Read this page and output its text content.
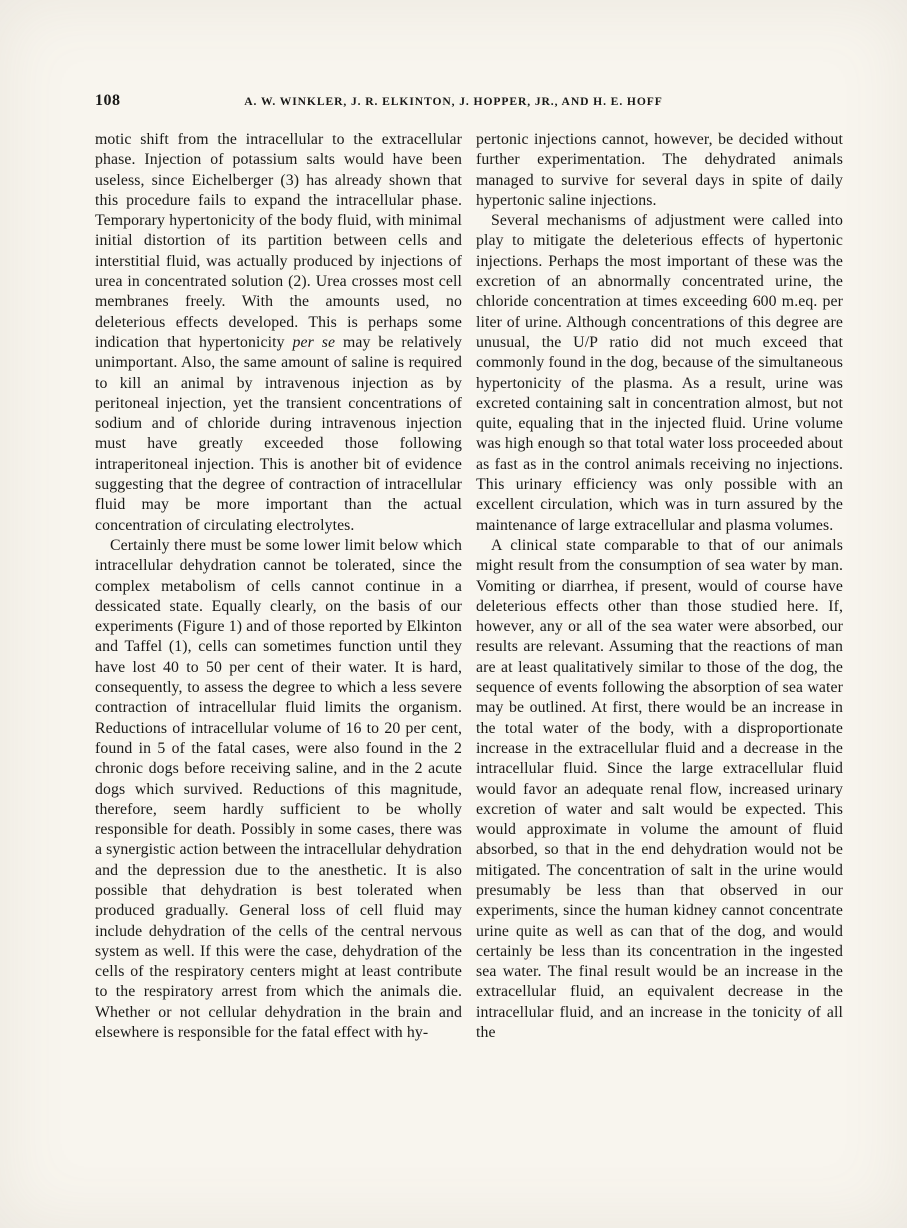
108	A. W. WINKLER, J. R. ELKINTON, J. HOPPER, JR., AND H. E. HOFF

motic shift from the intracellular to the extracellular phase. Injection of potassium salts would have been useless, since Eichelberger (3) has already shown that this procedure fails to expand the intracellular phase. Temporary hypertonicity of the body fluid, with minimal initial distortion of its partition between cells and interstitial fluid, was actually produced by injections of urea in concentrated solution (2). Urea crosses most cell membranes freely. With the amounts used, no deleterious effects developed. This is perhaps some indication that hypertonicity per se may be relatively unimportant. Also, the same amount of saline is required to kill an animal by intravenous injection as by peritoneal injection, yet the transient concentrations of sodium and of chloride during intravenous injection must have greatly exceeded those following intraperitoneal injection. This is another bit of evidence suggesting that the degree of contraction of intracellular fluid may be more important than the actual concentration of circulating electrolytes.

Certainly there must be some lower limit below which intracellular dehydration cannot be tolerated, since the complex metabolism of cells cannot continue in a dessicated state. Equally clearly, on the basis of our experiments (Figure 1) and of those reported by Elkinton and Taffel (1), cells can sometimes function until they have lost 40 to 50 per cent of their water. It is hard, consequently, to assess the degree to which a less severe contraction of intracellular fluid limits the organism. Reductions of intracellular volume of 16 to 20 per cent, found in 5 of the fatal cases, were also found in the 2 chronic dogs before receiving saline, and in the 2 acute dogs which survived. Reductions of this magnitude, therefore, seem hardly sufficient to be wholly responsible for death. Possibly in some cases, there was a synergistic action between the intracellular dehydration and the depression due to the anesthetic. It is also possible that dehydration is best tolerated when produced gradually. General loss of cell fluid may include dehydration of the cells of the central nervous system as well. If this were the case, dehydration of the cells of the respiratory centers might at least contribute to the respiratory arrest from which the animals die. Whether or not cellular dehydration in the brain and elsewhere is responsible for the fatal effect with hy-

pertonic injections cannot, however, be decided without further experimentation. The dehydrated animals managed to survive for several days in spite of daily hypertonic saline injections.

Several mechanisms of adjustment were called into play to mitigate the deleterious effects of hypertonic injections. Perhaps the most important of these was the excretion of an abnormally concentrated urine, the chloride concentration at times exceeding 600 m.eq. per liter of urine. Although concentrations of this degree are unusual, the U/P ratio did not much exceed that commonly found in the dog, because of the simultaneous hypertonicity of the plasma. As a result, urine was excreted containing salt in concentration almost, but not quite, equaling that in the injected fluid. Urine volume was high enough so that total water loss proceeded about as fast as in the control animals receiving no injections. This urinary efficiency was only possible with an excellent circulation, which was in turn assured by the maintenance of large extracellular and plasma volumes.

A clinical state comparable to that of our animals might result from the consumption of sea water by man. Vomiting or diarrhea, if present, would of course have deleterious effects other than those studied here. If, however, any or all of the sea water were absorbed, our results are relevant. Assuming that the reactions of man are at least qualitatively similar to those of the dog, the sequence of events following the absorption of sea water may be outlined. At first, there would be an increase in the total water of the body, with a disproportionate increase in the extracellular fluid and a decrease in the intracellular fluid. Since the large extracellular fluid would favor an adequate renal flow, increased urinary excretion of water and salt would be expected. This would approximate in volume the amount of fluid absorbed, so that in the end dehydration would not be mitigated. The concentration of salt in the urine would presumably be less than that observed in our experiments, since the human kidney cannot concentrate urine quite as well as can that of the dog, and would certainly be less than its concentration in the ingested sea water. The final result would be an increase in the extracellular fluid, an equivalent decrease in the intracellular fluid, and an increase in the tonicity of all the
